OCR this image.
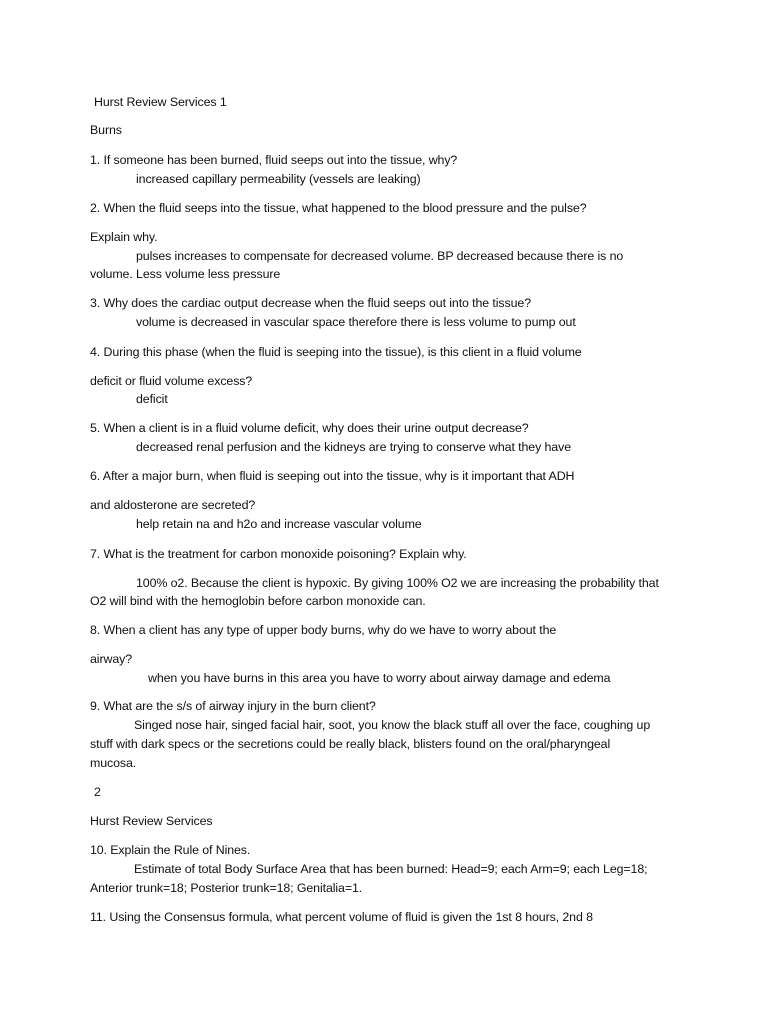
Hurst Review Services 1
Burns
1. If someone has been burned, fluid seeps out into the tissue, why?
increased capillary permeability (vessels are leaking)
2. When the fluid seeps into the tissue, what happened to the blood pressure and the pulse?
Explain why.
pulses increases to compensate for decreased volume. BP decreased because there is no
volume. Less volume less pressure
3. Why does the cardiac output decrease when the fluid seeps out into the tissue?
volume is decreased in vascular space therefore there is less volume to pump out
4. During this phase (when the fluid is seeping into the tissue), is this client in a fluid volume
deficit or fluid volume excess?
deficit
5. When a client is in a fluid volume deficit, why does their urine output decrease?
decreased renal perfusion and the kidneys are trying to conserve what they have
6. After a major burn, when fluid is seeping out into the tissue, why is it important that ADH
and aldosterone are secreted?
help retain na and h2o and increase vascular volume
7. What is the treatment for carbon monoxide poisoning? Explain why.
100% o2. Because the client is hypoxic. By giving 100% O2 we are increasing the probability that
O2 will bind with the hemoglobin before carbon monoxide can.
8. When a client has any type of upper body burns, why do we have to worry about the
airway?
when you have burns in this area you have to worry about airway damage and edema
9. What are the s/s of airway injury in the burn client?
Singed nose hair, singed facial hair, soot, you know the black stuff all over the face, coughing up
stuff with dark specs or the secretions could be really black, blisters found on the oral/pharyngeal
mucosa.
2
Hurst Review Services
10. Explain the Rule of Nines.
Estimate of total Body Surface Area that has been burned: Head=9; each Arm=9; each Leg=18;
Anterior trunk=18; Posterior trunk=18; Genitalia=1.
11. Using the Consensus formula, what percent volume of fluid is given the 1st 8 hours, 2nd 8
